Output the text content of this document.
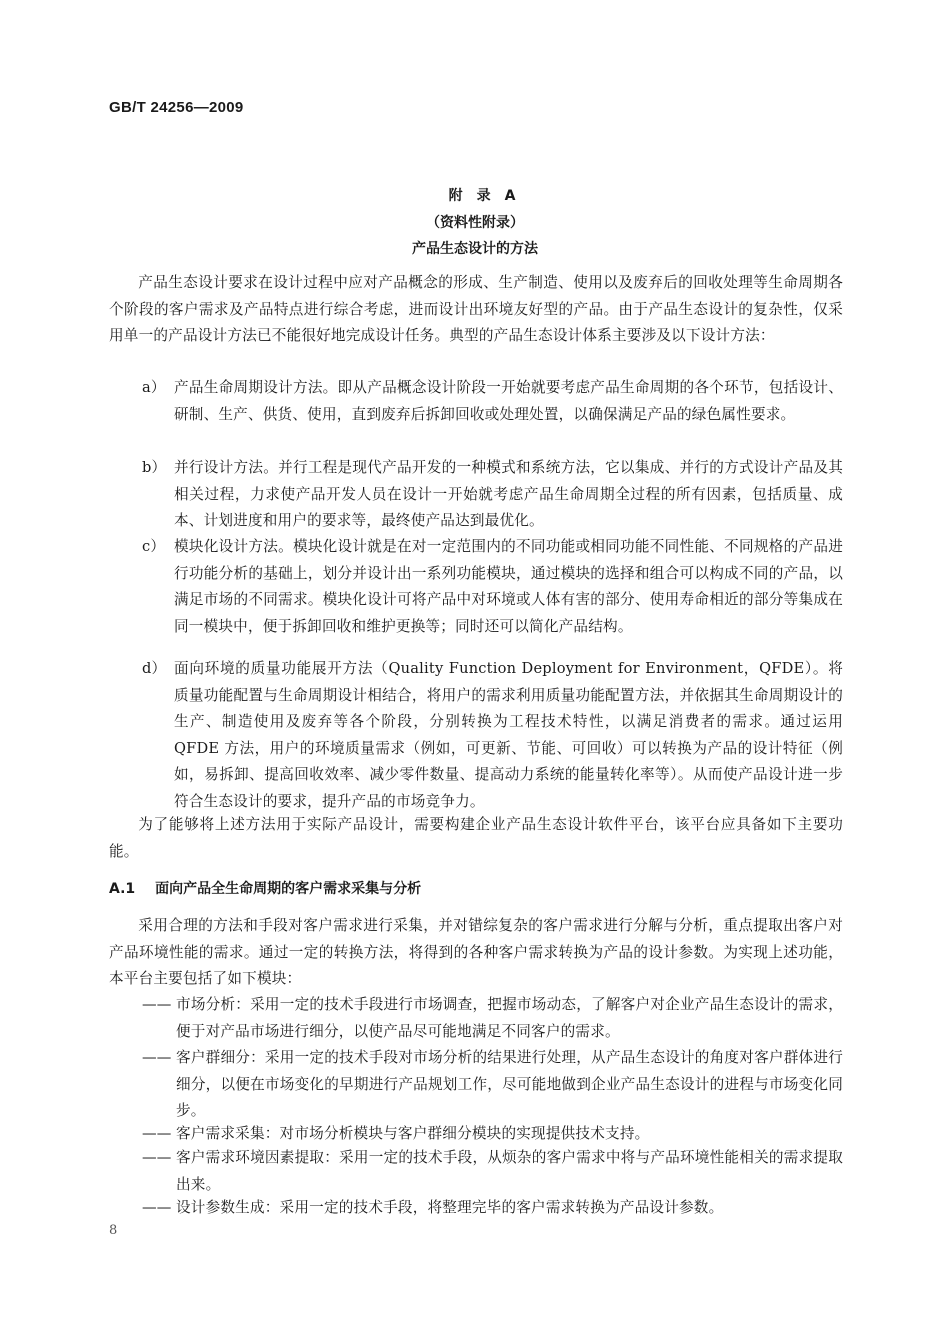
GB/T 24256—2009
附录A
（资料性附录）
产品生态设计的方法

产品生态设计要求在设计过程中应对产品概念的形成、生产制造、使用以及废弃后的回收处理等生命周期各个阶段的客户需求及产品特点进行综合考虑，进而设计出环境友好型的产品。由于产品生态设计的复杂性，仅采用单一的产品设计方法已不能很好地完成设计任务。典型的产品生态设计体系主要涉及以下设计方法：

a） 产品生命周期设计方法。即从产品概念设计阶段一开始就要考虑产品生命周期的各个环节，包括设计、研制、生产、供货、使用，直到废弃后拆卸回收或处理处置，以确保满足产品的绿色属性要求。
b） 并行设计方法。并行工程是现代产品开发的一种模式和系统方法，它以集成、并行的方式设计产品及其相关过程，力求使产品开发人员在设计一开始就考虑产品生命周期全过程的所有因素，包括质量、成本、计划进度和用户的要求等，最终使产品达到最优化。
c） 模块化设计方法。模块化设计就是在对一定范围内的不同功能或相同功能不同性能、不同规格的产品进行功能分析的基础上，划分并设计出一系列功能模块，通过模块的选择和组合可以构成不同的产品，以满足市场的不同需求。模块化设计可将产品中对环境或人体有害的部分、使用寿命相近的部分等集成在同一模块中，便于拆卸回收和维护更换等；同时还可以简化产品结构。
d） 面向环境的质量功能展开方法（Quality Function Deployment for Environment，QFDE）。将质量功能配置与生命周期设计相结合，将用户的需求利用质量功能配置方法，并依据其生命周期设计的生产、制造使用及废弃等各个阶段，分别转换为工程技术特性，以满足消费者的需求。通过运用 QFDE 方法，用户的环境质量需求（例如，可更新、节能、可回收）可以转换为产品的设计特征（例如，易拆卸、提高回收效率、减少零件数量、提高动力系统的能量转化率等）。从而使产品设计进一步符合生态设计的要求，提升产品的市场竞争力。

为了能够将上述方法用于实际产品设计，需要构建企业产品生态设计软件平台，该平台应具备如下主要功能。

A.1 面向产品全生命周期的客户需求采集与分析

采用合理的方法和手段对客户需求进行采集，并对错综复杂的客户需求进行分解与分析，重点提取出客户对产品环境性能的需求。通过一定的转换方法，将得到的各种客户需求转换为产品的设计参数。为实现上述功能，本平台主要包括了如下模块：

—— 市场分析：采用一定的技术手段进行市场调查，把握市场动态，了解客户对企业产品生态设计的需求，便于对产品市场进行细分，以使产品尽可能地满足不同客户的需求。
—— 客户群细分：采用一定的技术手段对市场分析的结果进行处理，从产品生态设计的角度对客户群体进行细分，以便在市场变化的早期进行产品规划工作，尽可能地做到企业产品生态设计的进程与市场变化同步。
—— 客户需求采集：对市场分析模块与客户群细分模块的实现提供技术支持。
—— 客户需求环境因素提取：采用一定的技术手段，从烦杂的客户需求中将与产品环境性能相关的需求提取出来。
—— 设计参数生成：采用一定的技术手段，将整理完毕的客户需求转换为产品设计参数。
8
